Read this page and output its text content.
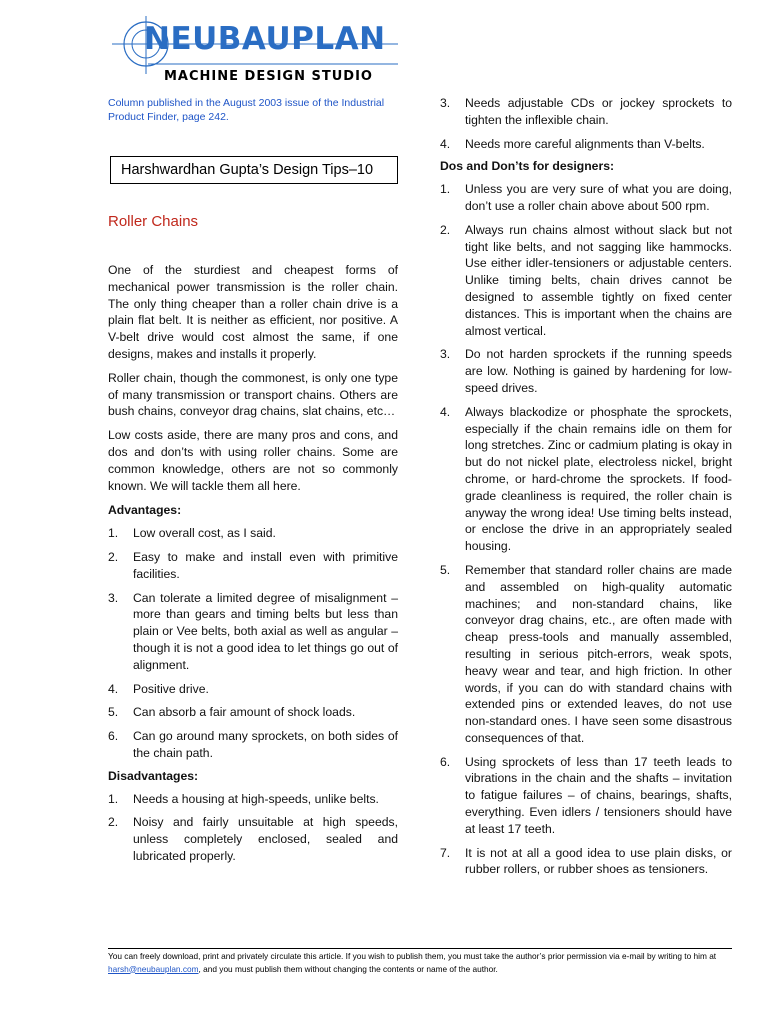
NEUBAUPLAN
MACHINE DESIGN STUDIO
Column published in the August 2003 issue of the Industrial Product Finder, page 242.
Harshwardhan Gupta’s Design Tips–10
Roller Chains

One of the sturdiest and cheapest forms of mechanical power transmission is the roller chain. The only thing cheaper than a roller chain drive is a plain flat belt. It is neither as efficient, nor positive. A V-belt drive would cost almost the same, if one designs, makes and installs it properly.

Roller chain, though the commonest, is only one type of many transmission or transport chains. Others are bush chains, conveyor drag chains, slat chains, etc…

Low costs aside, there are many pros and cons, and dos and don’ts with using roller chains. Some are common knowledge, others are not so commonly known. We will tackle them all here.

Advantages:
1. Low overall cost, as I said.
2. Easy to make and install even with primitive facilities.
3. Can tolerate a limited degree of misalignment – more than gears and timing belts but less than plain or Vee belts, both axial as well as angular – though it is not a good idea to let things go out of alignment.
4. Positive drive.
5. Can absorb a fair amount of shock loads.
6. Can go around many sprockets, on both sides of the chain path.
Disadvantages:
1. Needs a housing at high-speeds, unlike belts.
2. Noisy and fairly unsuitable at high speeds, unless completely enclosed, sealed and lubricated properly.
3. Needs adjustable CDs or jockey sprockets to tighten the inflexible chain.
4. Needs more careful alignments than V-belts.
Dos and Don’ts for designers:
1. Unless you are very sure of what you are doing, don’t use a roller chain above about 500 rpm.
2. Always run chains almost without slack but not tight like belts, and not sagging like hammocks. Use either idler-tensioners or adjustable centers. Unlike timing belts, chain drives cannot be designed to assemble tightly on fixed center distances. This is important when the chains are almost vertical.
3. Do not harden sprockets if the running speeds are low. Nothing is gained by hardening for low-speed drives.
4. Always blackodize or phosphate the sprockets, especially if the chain remains idle on them for long stretches. Zinc or cadmium plating is okay in but do not nickel plate, electroless nickel, bright chrome, or hard-chrome the sprockets. If food-grade cleanliness is required, the roller chain is anyway the wrong idea! Use timing belts instead, or enclose the drive in an appropriately sealed housing.
5. Remember that standard roller chains are made and assembled on high-quality automatic machines; and non-standard chains, like conveyor drag chains, etc., are often made with cheap press-tools and manually assembled, resulting in serious pitch-errors, weak spots, heavy wear and tear, and high friction. In other words, if you can do with standard chains with extended pins or extended leaves, do not use non-standard ones. I have seen some disastrous consequences of that.
6. Using sprockets of less than 17 teeth leads to vibrations in the chain and the shafts – invitation to fatigue failures – of chains, bearings, shafts, everything. Even idlers / tensioners should have at least 17 teeth.
7. It is not at all a good idea to use plain disks, or rubber rollers, or rubber shoes as tensioners.
You can freely download, print and privately circulate this article. If you wish to publish them, you must take the author’s prior permission via e-mail by writing to him at harsh@neubauplan.com, and you must publish them without changing the contents or name of the author.
